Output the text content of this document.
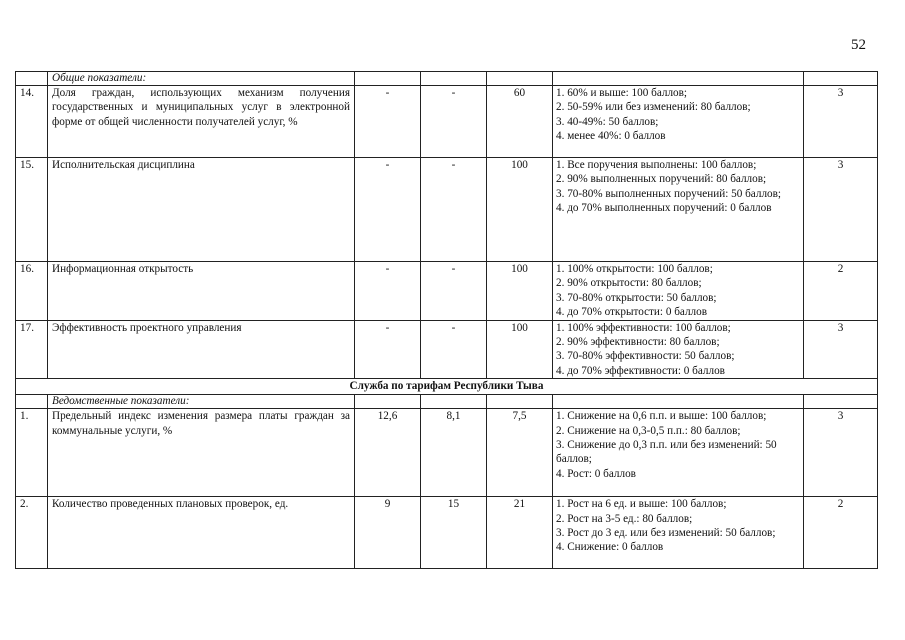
52
	Общие показатели:					
14.	Доля граждан, использующих механизм получения государственных и муниципальных услуг в электронной форме от общей численности получателей услуг, %	-	-	60	1. 60% и выше: 100 баллов;
2. 50-59% или без изменений: 80 баллов;
3. 40-49%: 50 баллов;
4. менее 40%: 0 баллов	3
15.	Исполнительская дисциплина	-	-	100	1. Все поручения выполнены: 100 баллов;
2. 90% выполненных поручений: 80 баллов;
3. 70-80% выполненных поручений: 50 баллов;
4. до 70% выполненных поручений: 0 баллов	3
16.	Информационная открытость	-	-	100	1. 100% открытости: 100 баллов;
2. 90% открытости: 80 баллов;
3. 70-80% открытости: 50 баллов;
4. до 70% открытости: 0 баллов	2
17.	Эффективность проектного управления	-	-	100	1. 100% эффективности: 100 баллов;
2. 90% эффективности: 80 баллов;
3. 70-80% эффективности: 50 баллов;
4. до 70% эффективности: 0 баллов	3
Служба по тарифам Республики Тыва						
	Ведомственные показатели:					
1.	Предельный индекс изменения размера платы граждан за коммунальные услуги, %	12,6	8,1	7,5	1. Снижение на 0,6 п.п. и выше: 100 баллов;
2. Снижение на 0,3-0,5 п.п.: 80 баллов;
3. Снижение до 0,3 п.п. или без изменений: 50 баллов;
4. Рост: 0 баллов	3
2.	Количество проведенных плановых проверок, ед.	9	15	21	1. Рост на 6 ед. и выше: 100 баллов;
2. Рост на 3-5 ед.: 80 баллов;
3. Рост до 3 ед. или без изменений: 50 баллов;
4. Снижение: 0 баллов	2
